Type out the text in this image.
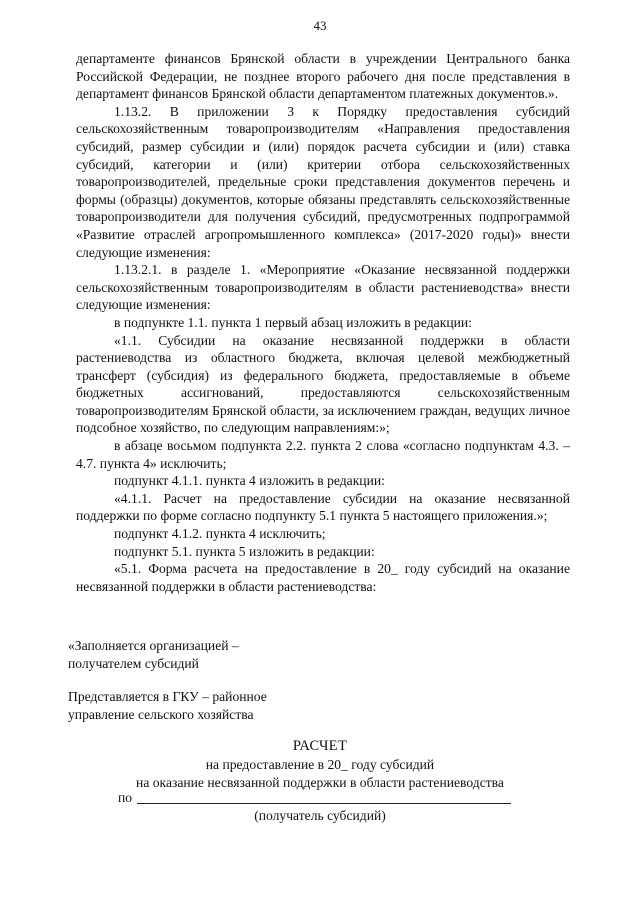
43

департаменте финансов Брянской области в учреждении Центрального банка Российской Федерации, не позднее второго рабочего дня после представления в департамент финансов Брянской области департаментом платежных документов.».

1.13.2. В приложении 3 к Порядку предоставления субсидий сельскохозяйственным товаропроизводителям «Направления предоставления субсидий, размер субсидии и (или) порядок расчета субсидии и (или) ставка субсидий, категории и (или) критерии отбора сельскохозяйственных товаропроизводителей, предельные сроки представления документов перечень и формы (образцы) документов, которые обязаны представлять сельскохозяйственные товаропроизводители для получения субсидий, предусмотренных подпрограммой «Развитие отраслей агропромышленного комплекса» (2017-2020 годы)» внести следующие изменения:

1.13.2.1. в разделе 1. «Мероприятие «Оказание несвязанной поддержки сельскохозяйственным товаропроизводителям в области растениеводства» внести следующие изменения:

в подпункте 1.1. пункта 1 первый абзац изложить в редакции:

«1.1. Субсидии на оказание несвязанной поддержки в области растениеводства из областного бюджета, включая целевой межбюджетный трансферт (субсидия) из федерального бюджета, предоставляемые в объеме бюджетных ассигнований, предоставляются сельскохозяйственным товаропроизводителям Брянской области, за исключением граждан, ведущих личное подсобное хозяйство, по следующим направлениям:»;

в абзаце восьмом подпункта 2.2. пункта 2 слова «согласно подпунктам 4.3. – 4.7. пункта 4» исключить;

подпункт 4.1.1. пункта 4 изложить в редакции:

«4.1.1. Расчет на предоставление субсидии на оказание несвязанной поддержки по форме согласно подпункту 5.1 пункта 5 настоящего приложения.»;

подпункт 4.1.2. пункта 4 исключить;

подпункт 5.1. пункта 5 изложить в редакции:

«5.1. Форма расчета на предоставление в 20_ году субсидий на оказание несвязанной поддержки в области растениеводства:

«Заполняется организацией –
получателем субсидий
Представляется в ГКУ – районное
управление сельского хозяйства
РАСЧЕТ
на предоставление в 20_ году субсидий
на оказание несвязанной поддержки в области растениеводства
по
(получатель субсидий)
